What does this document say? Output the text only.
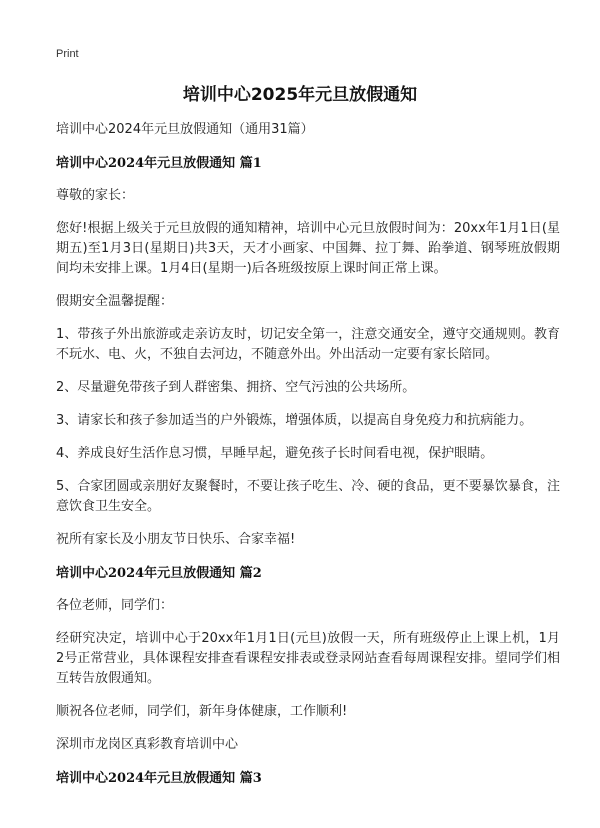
Print
培训中心2025年元旦放假通知

培训中心2024年元旦放假通知（通用31篇）

培训中心2024年元旦放假通知 篇1

尊敬的家长：

您好!根据上级关于元旦放假的通知精神，培训中心元旦放假时间为：20xx年1月1日(星期五)至1月3日(星期日)共3天，天才小画家、中国舞、拉丁舞、跆拳道、钢琴班放假期间均未安排上课。1月4日(星期一)后各班级按原上课时间正常上课。

假期安全温馨提醒：

1、带孩子外出旅游或走亲访友时，切记安全第一，注意交通安全，遵守交通规则。教育不玩水、电、火，不独自去河边，不随意外出。外出活动一定要有家长陪同。

2、尽量避免带孩子到人群密集、拥挤、空气污浊的公共场所。

3、请家长和孩子参加适当的户外锻炼，增强体质，以提高自身免疫力和抗病能力。

4、养成良好生活作息习惯，早睡早起，避免孩子长时间看电视，保护眼睛。

5、合家团圆或亲朋好友聚餐时，不要让孩子吃生、冷、硬的食品，更不要暴饮暴食，注意饮食卫生安全。

祝所有家长及小朋友节日快乐、合家幸福!

培训中心2024年元旦放假通知 篇2

各位老师，同学们：

经研究决定，培训中心于20xx年1月1日(元旦)放假一天，所有班级停止上课上机，1月2号正常营业，具体课程安排查看课程安排表或登录网站查看每周课程安排。望同学们相互转告放假通知。

顺祝各位老师，同学们，新年身体健康，工作顺利!

深圳市龙岗区真彩教育培训中心

培训中心2024年元旦放假通知 篇3
